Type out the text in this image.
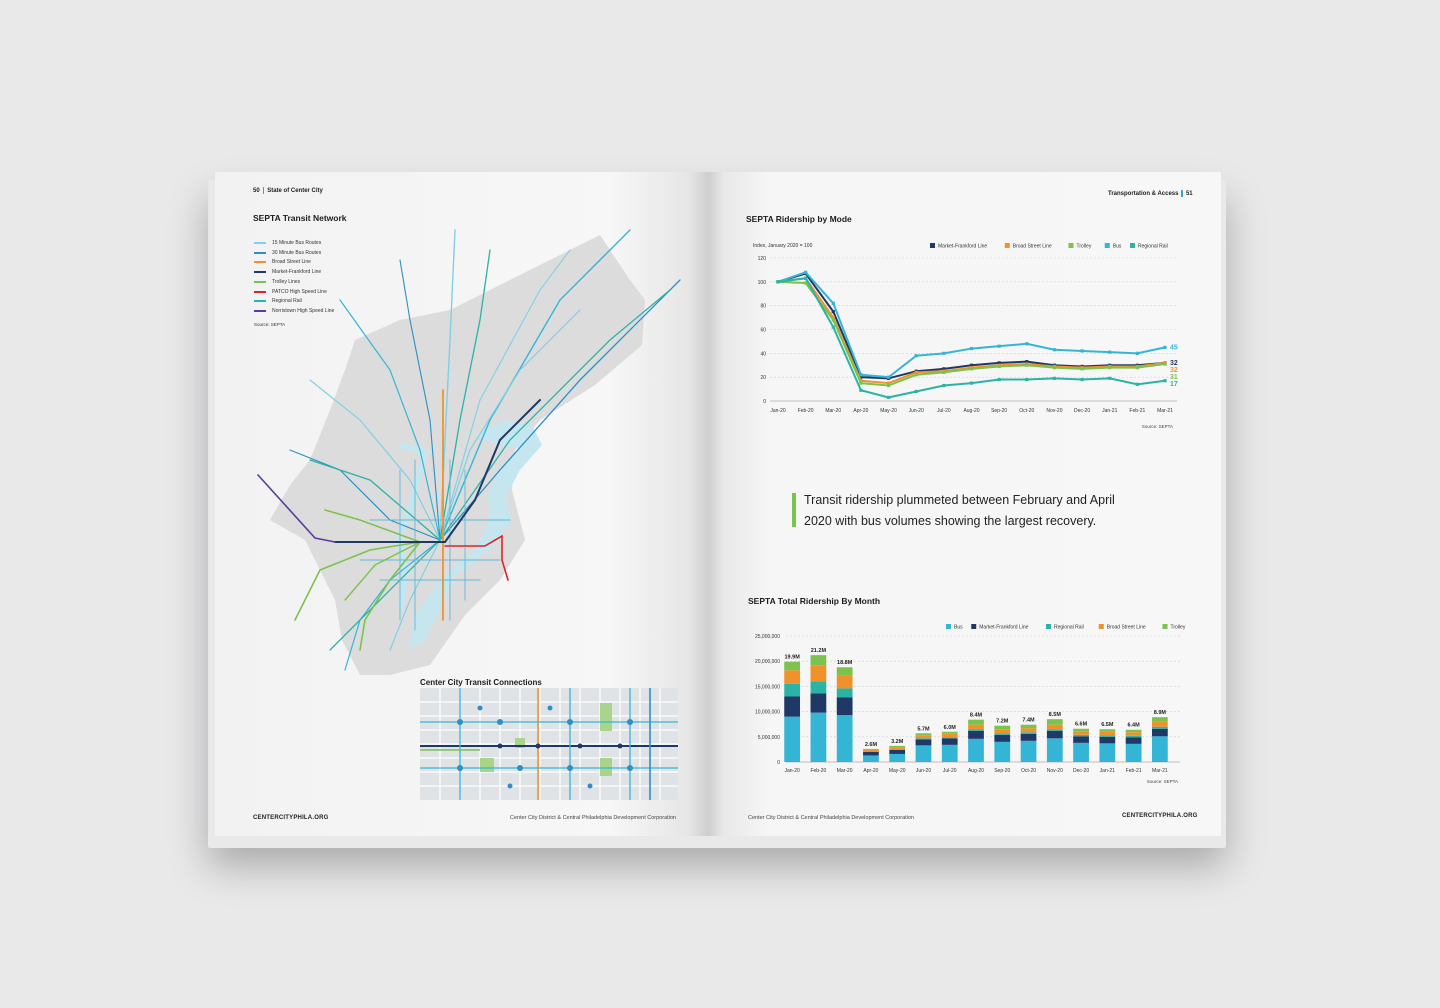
50 State of Center City
SEPTA Transit Network
15 Minute Bus Routes
30 Minute Bus Routes
Broad Street Line
Market-Frankford Line
Trolley Lines
PATCO High Speed Line
Regional Rail
Norristown High Speed Line
Source: SEPTA
Center City Transit Connections
CENTERCITYPHILA.ORG	Center City District & Central Philadelphia Development Corporation
Transportation & Access 51
SEPTA Ridership by Mode
Index, January 2020 = 100
0
20
40
60
80
100
120
Jan-20 Feb-20 Mar-20 Apr-20 May-20 Jun-20	Jul-20	Aug-20 Sep-20 Oct-20 Nov-20 Dec-20 Jan-21 Feb-21 Mar-21
Market-Frankford Line	Broad Street Line	Trolley	Bus	Regional Rail
45
32
32
31
17
Source: SEPTA
Transit ridership plummeted between February and April 2020 with bus volumes showing the largest recovery.
SEPTA Total Ridership By Month
0
5,000,000
10,000,000
15,000,000
20,000,000
25,000,000
Bus	Market-Frankford Line	Regional Rail	Broad Street Line	Trolley
19.9M
Jan-20
21.2M
Feb-20
18.8M
Mar-20
2.6M
Apr-20
3.2M
May-20
5.7M
Jun-20
6.0M
Jul-20
8.4M
Aug-20
7.2M
Sep-20
7.4M
Oct-20
8.5M
Nov-20
6.6M
Dec-20
6.5M
Jan-21
6.4M
Feb-21
8.9M
Mar-21
Source: SEPTA
Center City District & Central Philadelphia Development Corporation	CENTERCITYPHILA.ORG
